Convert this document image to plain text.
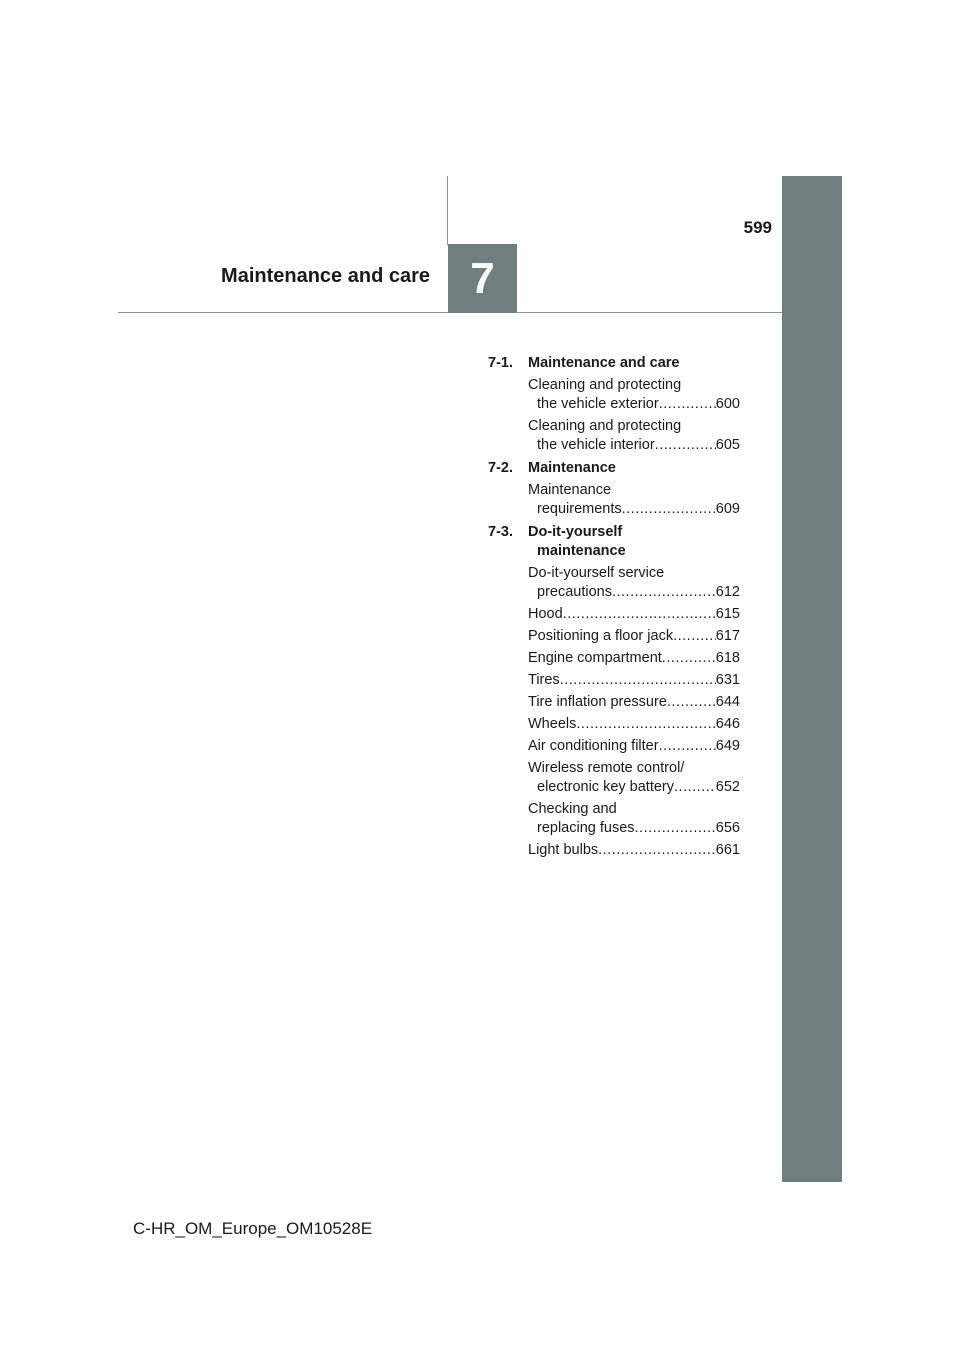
599
Maintenance and care 7
7-1. Maintenance and care
Cleaning and protecting
the vehicle exterior .....	600
Cleaning and protecting
the vehicle interior .....	605
7-2. Maintenance
Maintenance
requirements .....	609
7-3. Do-it-yourself
maintenance
Do-it-yourself service
precautions .....	612
Hood .....	615
Positioning a floor jack .....	617
Engine compartment .....	618
Tires .....	631
Tire inflation pressure .....	644
Wheels .....	646
Air conditioning filter .....	649
Wireless remote control/
electronic key battery .....	652
Checking and
replacing fuses .....	656
Light bulbs .....	661
C-HR_OM_Europe_OM10528E
